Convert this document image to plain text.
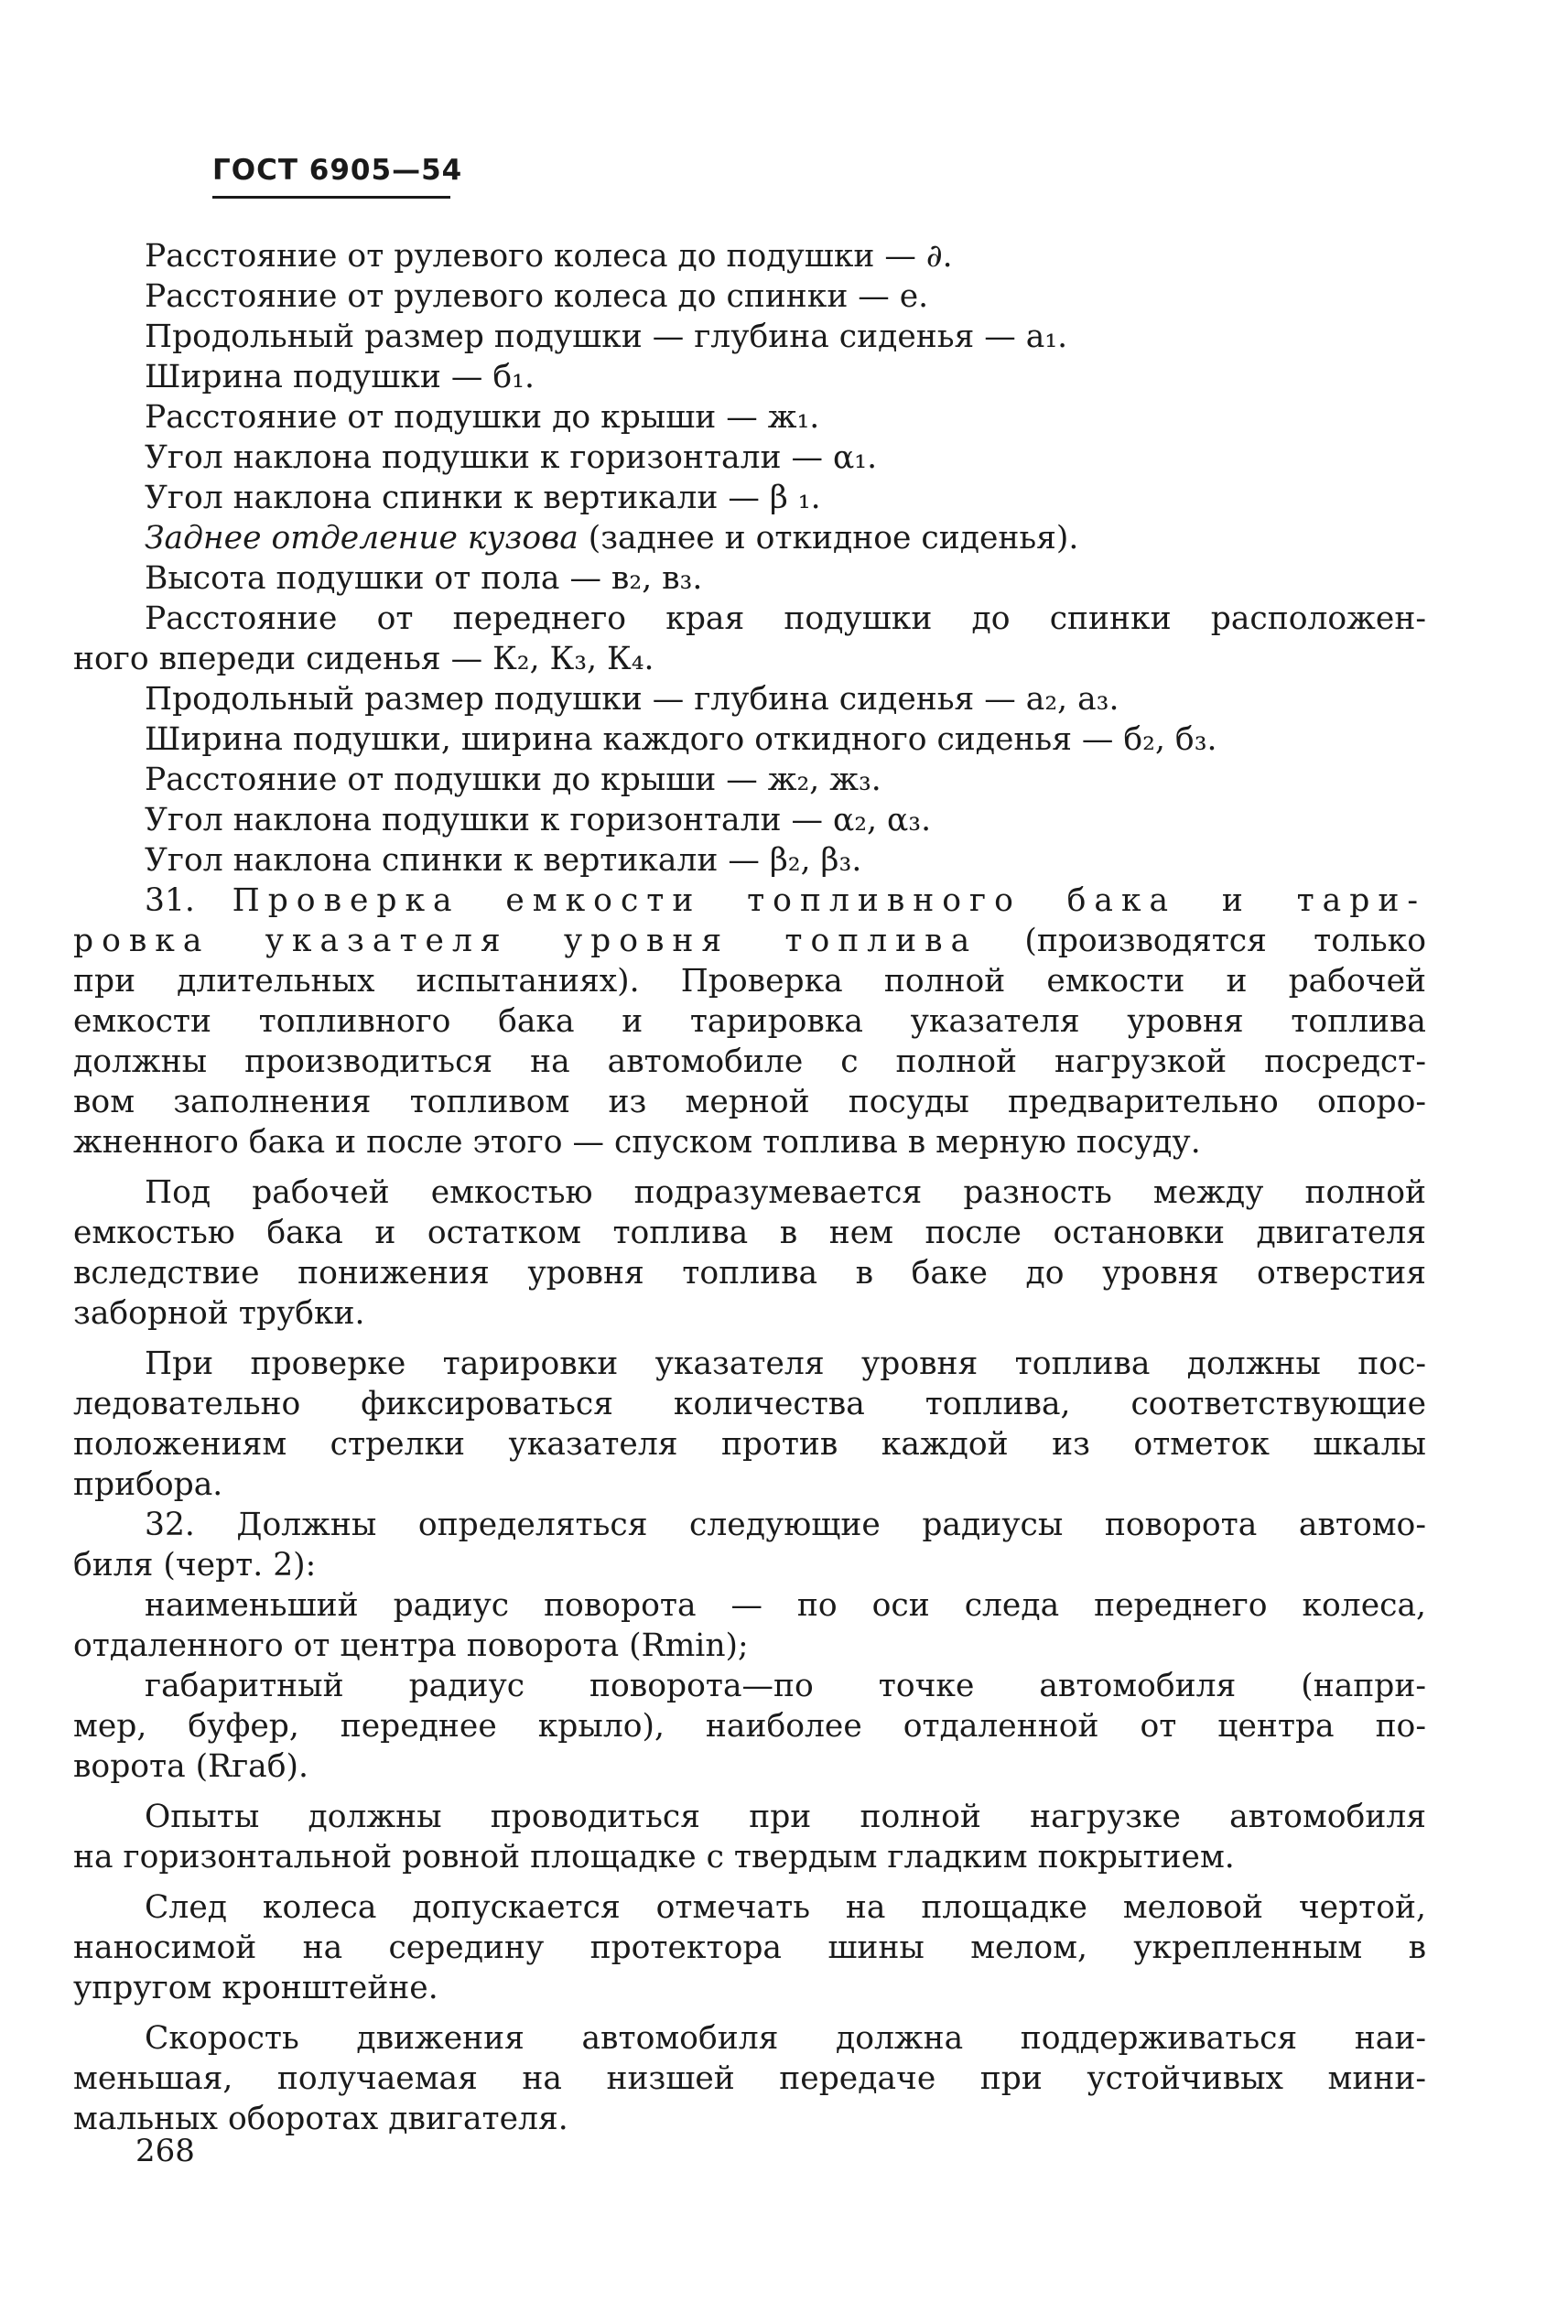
ГОСТ 6905—54
Расстояние от рулевого колеса до подушки — ∂.
Расстояние от рулевого колеса до спинки — е.
Продольный размер подушки — глубина сиденья — а₁.
Ширина подушки — б₁.
Расстояние от подушки до крыши — ж₁.
Угол наклона подушки к горизонтали — α₁.
Угол наклона спинки к вертикали — β ₁.
Заднее отделение кузова (заднее и откидное сиденья).
Высота подушки от пола — в₂, в₃.
Расстояние от переднего края подушки до спинки расположен-
ного впереди сиденья — К₂, К₃, К₄.
Продольный размер подушки — глубина сиденья — а₂, а₃.
Ширина подушки, ширина каждого откидного сиденья — б₂, б₃.
Расстояние от подушки до крыши — ж₂, ж₃.
Угол наклона подушки к горизонтали — α₂, α₃.
Угол наклона спинки к вертикали — β₂, β₃.
31. Проверка емкости топливного бака и тари-
ровка указателя уровня топлива (производятся только
при длительных испытаниях). Проверка полной емкости и рабочей
емкости топливного бака и тарировка указателя уровня топлива
должны производиться на автомобиле с полной нагрузкой посредст-
вом заполнения топливом из мерной посуды предварительно опоро-
жненного бака и после этого — спуском топлива в мерную посуду.
Под рабочей емкостью подразумевается разность между полной
емкостью бака и остатком топлива в нем после остановки двигателя
вследствие понижения уровня топлива в баке до уровня отверстия
заборной трубки.
При проверке тарировки указателя уровня топлива должны пос-
ледовательно фиксироваться количества топлива, соответствующие
положениям стрелки указателя против каждой из отметок шкалы
прибора.
32. Должны определяться следующие радиусы поворота автомо-
биля (черт. 2):
наименьший радиус поворота — по оси следа переднего колеса,
отдаленного от центра поворота (Rmin);
габаритный радиус поворота—по точке автомобиля (напри-
мер, буфер, переднее крыло), наиболее отдаленной от центра по-
ворота (Rгаб).
Опыты должны проводиться при полной нагрузке автомобиля
на горизонтальной ровной площадке с твердым гладким покрытием.
След колеса допускается отмечать на площадке меловой чертой,
наносимой на середину протектора шины мелом, укрепленным в
упругом кронштейне.
Скорость движения автомобиля должна поддерживаться наи-
меньшая, получаемая на низшей передаче при устойчивых мини-
мальных оборотах двигателя.
268
